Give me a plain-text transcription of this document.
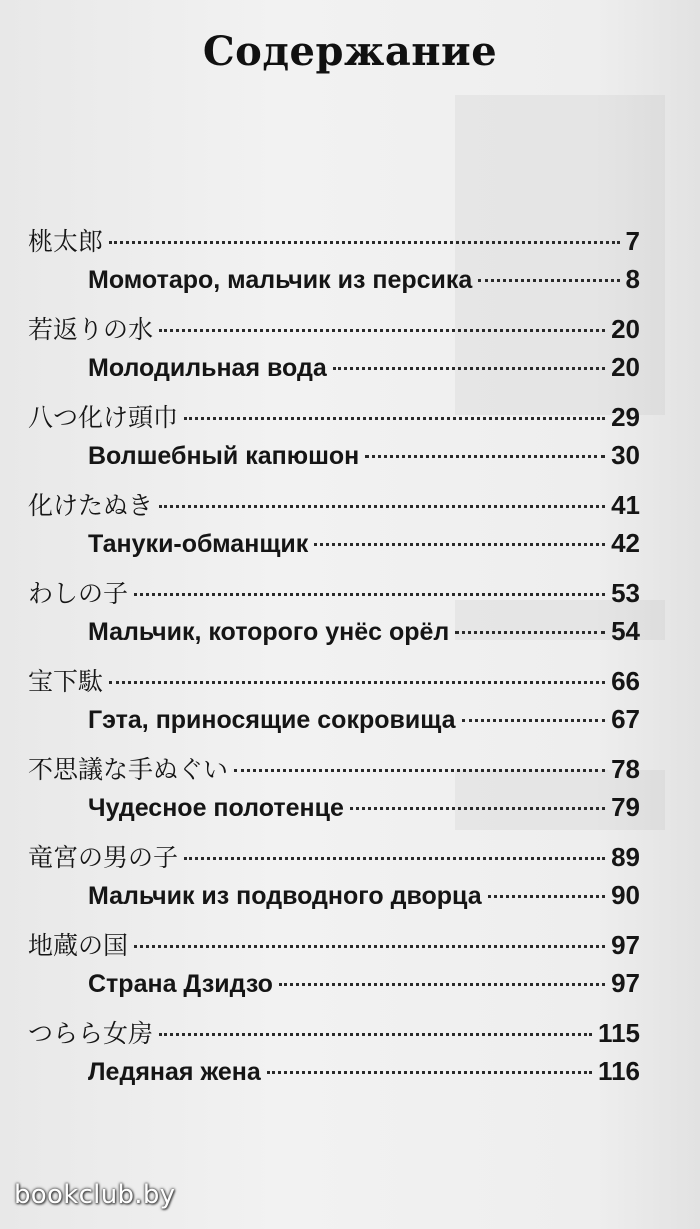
Содержание
桃太郎	7
Момотаро, мальчик из персика	8
若返りの水	20
Молодильная вода	20
八つ化け頭巾	29
Волшебный капюшон	30
化けたぬき	41
Тануки-обманщик	42
わしの子	53
Мальчик, которого унёс орёл	54
宝下駄	66
Гэта, приносящие сокровища	67
不思議な手ぬぐい	78
Чудесное полотенце	79
竜宮の男の子	89
Мальчик из подводного дворца	90
地蔵の国	97
Страна Дзидзо	97
つらら女房	115
Ледяная жена	116
bookclub.by
